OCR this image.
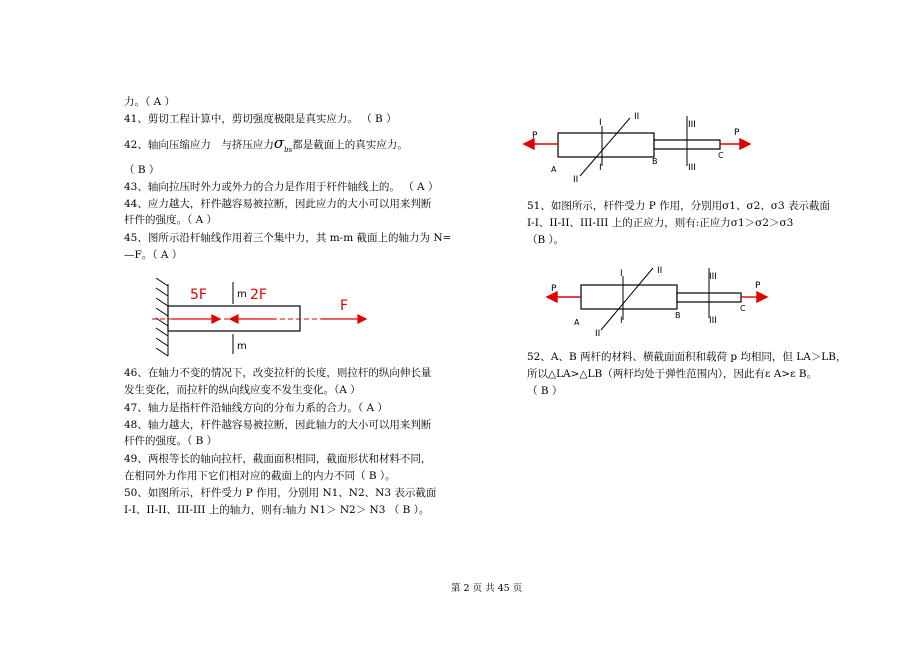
力。（ A ）
41、剪切工程计算中，剪切强度极限是真实应力。 （ B ）
42、轴向压缩应力　与挤压应力$\sigma_{bs}$都是截面上的真实应力。
（ B ）
43、轴向拉压时外力或外力的合力是作用于杆件轴线上的。 （ A ）
44、应力越大，杆件越容易被拉断，因此应力的大小可以用来判断
杆件的强度。（ A ）
45、图所示沿杆轴线作用着三个集中力，其 m-m 截面上的轴力为 N=
—F。（ A ）
5F	2F
F
m
m
46、在轴力不变的情况下，改变拉杆的长度，则拉杆的纵向伸长量
发生变化，而拉杆的纵向线应变不发生变化。（A ）
47、轴力是指杆件沿轴线方向的分布力系的合力。（ A ）
48、轴力越大，杆件越容易被拉断，因此轴力的大小可以用来判断
杆件的强度。（ B ）
49、两根等长的轴向拉杆，截面面积相同，截面形状和材料不同，
在相同外力作用下它们相对应的截面上的内力不同（ B ）。
50、如图所示，杆件受力 P 作用，分别用 N1、N2、N3 表示截面
I-I、II-II、III-III 上的轴力，则有:轴力 N1＞ N2＞ N3 （ B ）。
P	P
I
I
II
II
III
III
A
B
C
51、如图所示，杆件受力 P 作用，分别用σ1、σ2、σ3 表示截面
I-I、II-II、III-III 上的正应力，则有:正应力σ1＞σ2＞σ3
（B ）。
P	P
I
I
II
II
III
III
A
B
C
52、A、B 两杆的材料、横截面面积和载荷 p 均相同，但 LA＞LB，
所以△LA>△LB（两杆均处于弹性范围内），因此有ε A>ε B。
（ B ）
第 2 页 共 45 页
